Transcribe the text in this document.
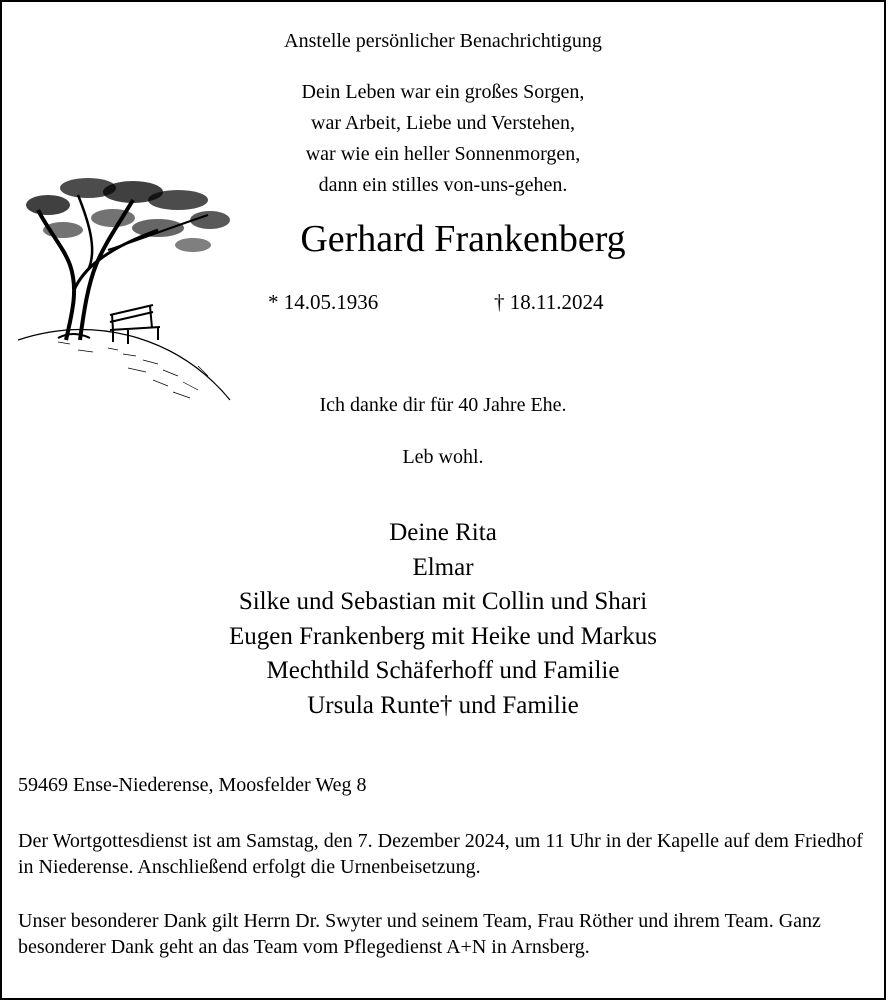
Anstelle persönlicher Benachrichtigung
Dein Leben war ein großes Sorgen,
war Arbeit, Liebe und Verstehen,
war wie ein heller Sonnenmorgen,
dann ein stilles von-uns-gehen.
Gerhard Frankenberg
* 14.05.1936	† 18.11.2024
Ich danke dir für 40 Jahre Ehe.
Leb wohl.
Deine Rita
Elmar
Silke und Sebastian mit Collin und Shari
Eugen Frankenberg mit Heike und Markus
Mechthild Schäferhoff und Familie
Ursula Runte† und Familie
59469 Ense-Niederense, Moosfelder Weg 8
Der Wortgottesdienst ist am Samstag, den 7. Dezember 2024, um 11 Uhr in der Kapelle auf dem Friedhof in Niederense. Anschließend erfolgt die Urnenbeisetzung.
Unser besonderer Dank gilt Herrn Dr. Swyter und seinem Team, Frau Röther und ihrem Team. Ganz besonderer Dank geht an das Team vom Pflegedienst A+N in Arnsberg.
